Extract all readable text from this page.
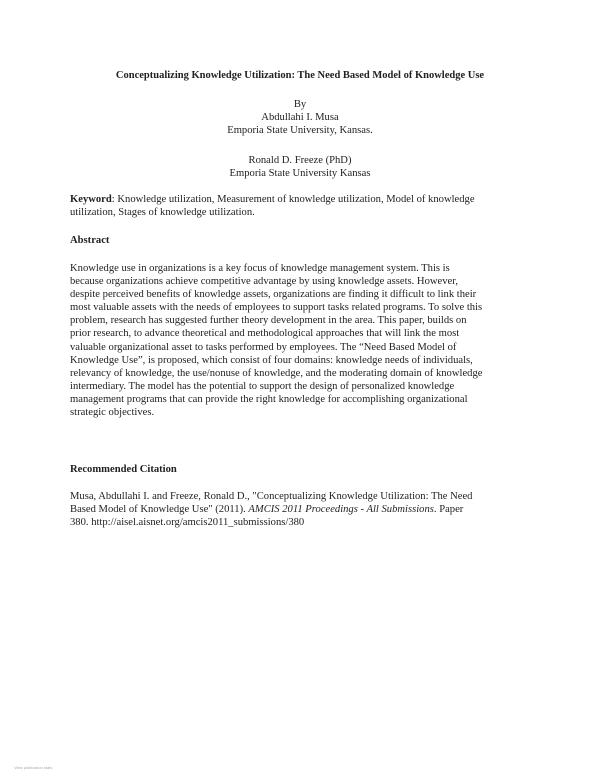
Conceptualizing Knowledge Utilization: The Need Based Model of Knowledge Use
By
Abdullahi I. Musa
Emporia State University, Kansas.
Ronald D. Freeze (PhD)
Emporia State University Kansas
Keyword: Knowledge utilization, Measurement of knowledge utilization, Model of knowledge
utilization, Stages of knowledge utilization.
Abstract
Knowledge use in organizations is a key focus of knowledge management system. This is
because organizations achieve competitive advantage by using knowledge assets. However,
despite perceived benefits of knowledge assets, organizations are finding it difficult to link their
most valuable assets with the needs of employees to support tasks related programs. To solve this
problem, research has suggested further theory development in the area. This paper, builds on
prior research, to advance theoretical and methodological approaches that will link the most
valuable organizational asset to tasks performed by employees. The “Need Based Model of
Knowledge Use”, is proposed, which consist of four domains: knowledge needs of individuals,
relevancy of knowledge, the use/nonuse of knowledge, and the moderating domain of knowledge
intermediary. The model has the potential to support the design of personalized knowledge
management programs that can provide the right knowledge for accomplishing organizational
strategic objectives.
Recommended Citation
Musa, Abdullahi I. and Freeze, Ronald D., "Conceptualizing Knowledge Utilization: The Need
Based Model of Knowledge Use" (2011). AMCIS 2011 Proceedings - All Submissions. Paper
380. http://aisel.aisnet.org/amcis2011_submissions/380
View publication stats
